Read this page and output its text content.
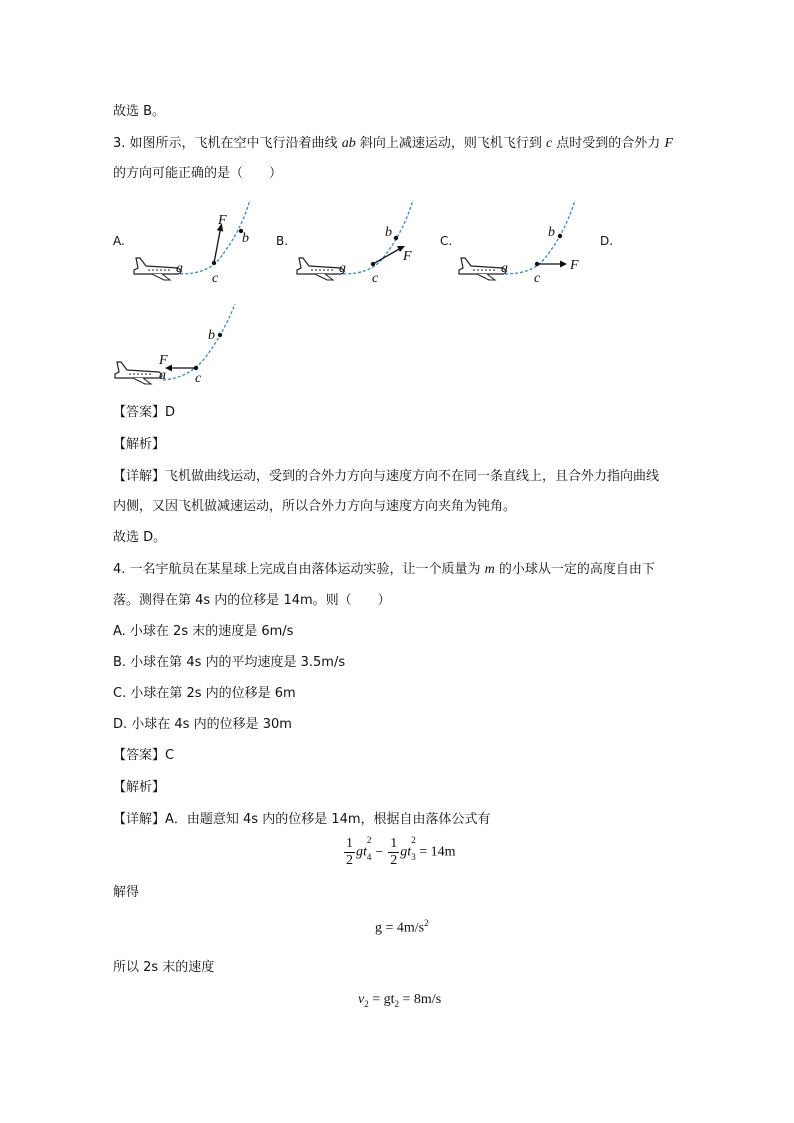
故选 B。
3. 如图所示，飞机在空中飞行沿着曲线 ab 斜向上减速运动，则飞机飞行到 c 点时受到的合外力 F
的方向可能正确的是（　　）
A.	B.	C.	D.
a
c
b
F
a
c
b
F
a
c
b
F
a c
b
F
【答案】D
【解析】
【详解】飞机做曲线运动，受到的合外力方向与速度方向不在同一条直线上，且合外力指向曲线
内侧，又因飞机做减速运动，所以合外力方向与速度方向夹角为钝角。
故选 D。
4. 一名宇航员在某星球上完成自由落体运动实验，让一个质量为 m 的小球从一定的高度自由下
落。测得在第 4s 内的位移是 14m。则（　　）
A. 小球在 2s 末的速度是 6m/s
B. 小球在第 4s 内的平均速度是 3.5m/s
C. 小球在第 2s 内的位移是 6m
D. 小球在 4s 内的位移是 30m
【答案】C
【解析】
【详解】A．由题意知 4s 内的位移是 14m，根据自由落体公式有
$\frac{1}{2}$ gt
2
$_4 - \frac{1}{2}$ gt
2
$_3$ = 14m
解得
$g = 4m/s^2$
所以 2s 末的速度
$v_2 = gt_2 = 8m/s$
